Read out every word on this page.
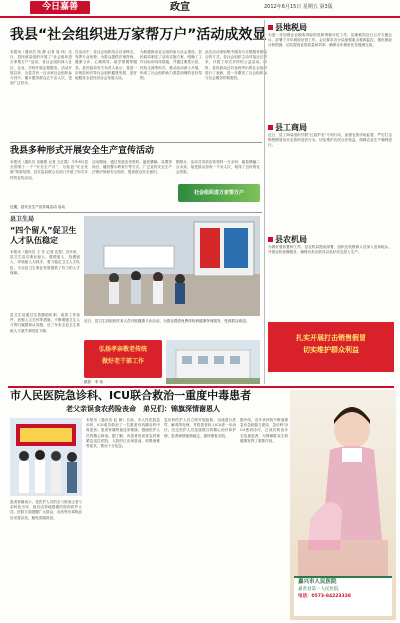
今日嘉善	政宣	2012年6月15日 星期五 第3版
我县“社会组织进万家帮万户”活动成效显
本报讯（通讯员 钱 静 记者 周 伟）近日，县民政局组织开展了“社会组织进万家帮万户”活动，各社会组织深入社区、企业、学校开展志愿服务。活动开展以来，全县共有一百余家社会组织参与其中，累计服务群众五千余人次，受到广泛好评。
在活动中，各社会组织结合自身特点，发挥专业优势，为群众提供法律咨询、健康义诊、心理疏导、助学帮困等服务。县民政局有关负责人表示，将进一步规范和引导社会组织健康发展，更好地服务全县经济社会发展大局。
为积极推动社会组织参与社会建设，县民政局制定了活动实施方案，明确了工作目标和具体措施，并通过典型示范、经验交流等形式，推动活动深入开展，形成了社会组织助力基层治理的良好氛围。
此次活动采取集中服务与分散服务相结合的方式，各社会组织主动对接社区需求，开展了形式多样的公益活动。同时，县民政局还对表现突出的社会组织进行了表彰，进一步激发了社会组织参与社会服务的积极性。
我县多种形式开展安全生产宣传活动
本报讯（通讯员 吴晓燕 记者 王红霞）今年6月是全国第十一个“安全生产月”，为营造“安全发展”浓厚氛围，县安监局联合各部门开展了形式多样的宣传活动。
活动期间，通过发放宣传资料、悬挂横幅、设置咨询台、播放警示教育片等方式，广泛宣传安全生产法律法规和安全知识，提高群众安全意识。
据统计，活动共发放宣传资料一万余份，悬挂横幅二百余条，接受群众咨询一千余人次，取得了良好的社会效果。
近期，县安全生产宣传周活动 启动
社会组织进万家帮万户
县卫生局
“四个留人”促卫生人才队伍稳定
本报讯（通讯员 王 芳 记者 沈思）近年来，县卫生局以事业留人、感情留人、待遇留人、环境留人为抓手，着力稳定卫生人才队伍，为全县卫生事业发展提供了有力的人才保障。
县卫生局通过完善激励机制、改善工作条件、加强人文关怀等措施，不断增强卫生人才的归属感和认同感，近三年来全县卫生系统人才流失率明显下降。
近日，县卫生局组织医务人员开展健康义诊活动，为群众提供免费体检和健康咨询服务，受到群众欢迎。
弘扬孝亲敬老传统
做好老干部工作
摄影：李 伟
县地税局
为进一步加强企业税收风险防范和纳税评估工作，县地税局近日召开专题会议，部署下半年税收征管工作。会议要求各分局加强重点税源监控，强化税收分析预测，切实提高征管质量和效率，确保全年税收任务圆满完成。
县工商局
近日，县工商局组织开展“红盾护农”专项行动，加强农资市场监管，严厉打击销售假冒伪劣农资的违法行为，切实维护农民合法权益，保障农业生产顺利进行。
县农机局
为做好夏收夏种工作，县农机局提前部署，组织农机维修人员深入田间地头，开展农机检修服务，确保各类农机具以良好状态投入生产。
扎实开展打击销售假冒
切实维护群众利益
市人民医院急诊科、ICU联合救治一重度中毒患者
老父亲误食农药险丧命　弟兄们：锦旗深情谢恩人
本报讯（通讯员 赵 颖）日前，市人民医院急诊科、ICU成功救治了一名重度有机磷农药中毒患者。患者家属特意送来锦旗，感谢医护人员的精心救治。据了解，该患者因误食农药被紧急送往医院，入院时已出现昏迷、呼吸困难等症状，情况十分危急。
急诊科医护人员立即开展抢救，迅速进行洗胃、解毒等处理，并将患者转入ICU进一步治疗。经过医护人员连续数日的精心治疗和护理，患者病情逐渐稳定，最终康复出院。
患者家属表示，是医护人员的全力救治让老父亲转危为安，他们由衷地感谢医院和医护人员。医院方面提醒广大群众，农药等有毒物品应妥善存放，避免误服误食。
据介绍，近年来该院不断加强急诊急救能力建设，急诊科与ICU密切协作，已成功救治多名危重患者，为保障群众生命健康发挥了重要作用。
嘉兴市人民医院
嘉善县第一人民医院
电话：0573-84223338
